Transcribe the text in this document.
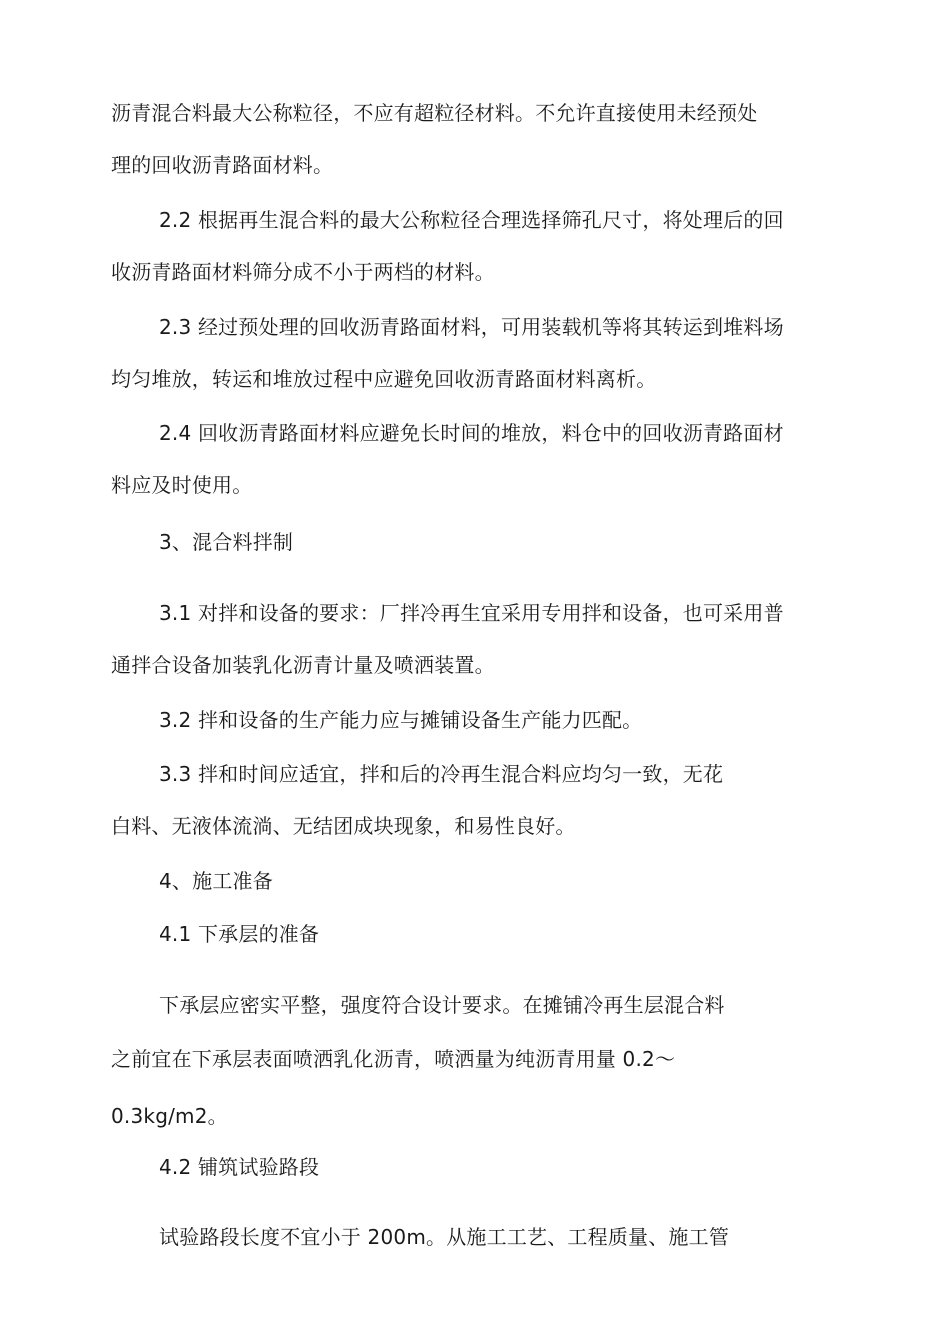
沥青混合料最大公称粒径，不应有超粒径材料。不允许直接使用未经预处
理的回收沥青路面材料。
2.2 根据再生混合料的最大公称粒径合理选择筛孔尺寸，将处理后的回
收沥青路面材料筛分成不小于两档的材料。
2.3 经过预处理的回收沥青路面材料，可用装载机等将其转运到堆料场
均匀堆放，转运和堆放过程中应避免回收沥青路面材料离析。
2.4 回收沥青路面材料应避免长时间的堆放，料仓中的回收沥青路面材
料应及时使用。
3、混合料拌制
3.1 对拌和设备的要求：厂拌冷再生宜采用专用拌和设备，也可采用普
通拌合设备加装乳化沥青计量及喷洒装置。
3.2 拌和设备的生产能力应与摊铺设备生产能力匹配。
3.3 拌和时间应适宜，拌和后的冷再生混合料应均匀一致，无花
白料、无液体流淌、无结团成块现象，和易性良好。
4、施工准备
4.1 下承层的准备
下承层应密实平整，强度符合设计要求。在摊铺冷再生层混合料
之前宜在下承层表面喷洒乳化沥青，喷洒量为纯沥青用量 0.2〜
0.3kg/m2。
4.2 铺筑试验路段
试验路段长度不宜小于 200m。从施工工艺、工程质量、施工管
